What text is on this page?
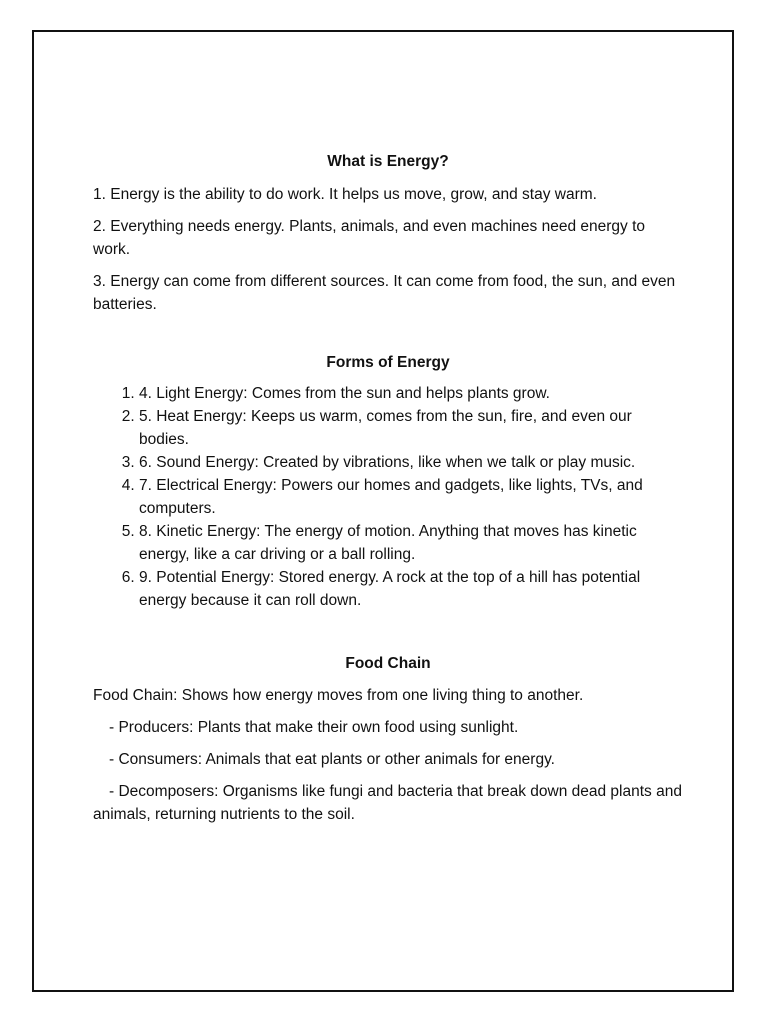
What is Energy?

1. Energy is the ability to do work. It helps us move, grow, and stay warm.

2. Everything needs energy. Plants, animals, and even machines need energy to work.

3. Energy can come from different sources. It can come from food, the sun, and even batteries.

Forms of Energy
1. 4. Light Energy: Comes from the sun and helps plants grow.
2. 5. Heat Energy: Keeps us warm, comes from the sun, fire, and even our bodies.
3. 6. Sound Energy: Created by vibrations, like when we talk or play music.
4. 7. Electrical Energy: Powers our homes and gadgets, like lights, TVs, and computers.
5. 8. Kinetic Energy: The energy of motion. Anything that moves has kinetic energy, like a car driving or a ball rolling.
6. 9. Potential Energy: Stored energy. A rock at the top of a hill has potential energy because it can roll down.
Food Chain

Food Chain: Shows how energy moves from one living thing to another.

- Producers: Plants that make their own food using sunlight.

- Consumers: Animals that eat plants or other animals for energy.

- Decomposers: Organisms like fungi and bacteria that break down dead plants and animals, returning nutrients to the soil.
